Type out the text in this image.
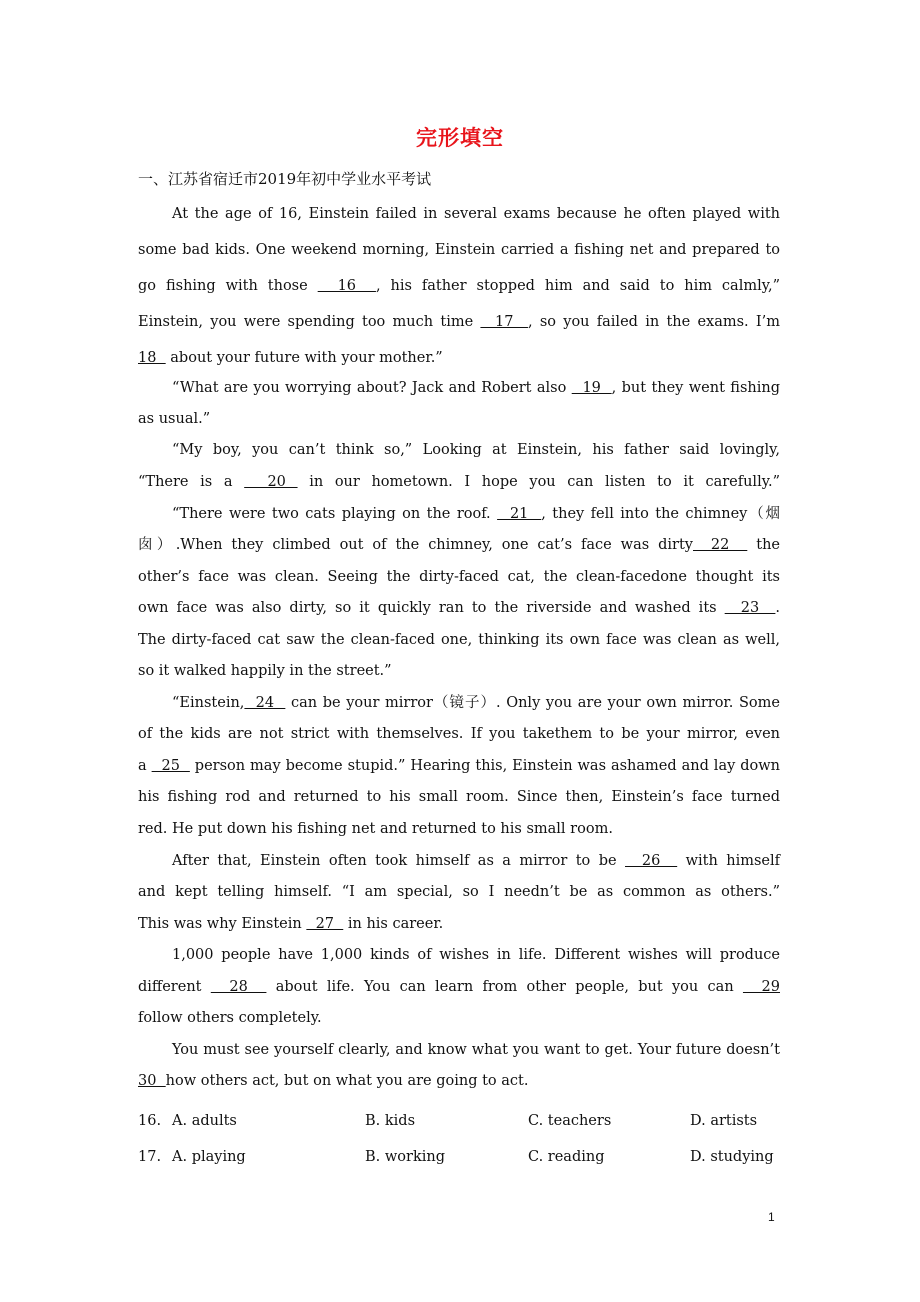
完形填空
一、江苏省宿迁市2019年初中学业水平考试
At the age of 16, Einstein failed in several exams because he often played with
some bad kids. One weekend morning, Einstein carried a fishing net and prepared to
go fishing with those   16  , his father stopped him and said to him calmly,”
Einstein, you were spending too much time   17  , so you failed in the exams. I’m
18   about your future with your mother.”
“What are you worrying about? Jack and Robert also   19  , but they went fishing
as usual.”
“My boy, you can’t think so,” Looking at Einstein, his father said lovingly,
“There is a   20  in our hometown. I hope you can listen to it carefully.”
“There were two cats playing on the roof.   21  , they fell into the chimney（烟
囱）.When they climbed out of the chimney, one cat’s face was dirty  22   the
other’s face was clean. Seeing the dirty-faced cat, the clean-facedone thought its
own face was also dirty, so it quickly ran to the riverside and washed its   23  .
The dirty-faced cat saw the clean-faced one, thinking its own face was clean as well,
so it walked happily in the street.”
“Einstein,  24   can be your mirror（镜子）. Only you are your own mirror. Some
of the kids are not strict with themselves. If you takethem to be your mirror, even
a   25   person may become stupid.” Hearing this, Einstein was ashamed and lay down
his fishing rod and returned to his small room. Since then, Einstein’s face turned
red. He put down his fishing net and returned to his small room.
After that, Einstein often took himself as a mirror to be   26   with himself
and kept telling himself. “I am special, so I needn’t be as common as others.”
This was why Einstein   27   in his career.
1,000 people have 1,000 kinds of wishes in life. Different wishes will produce
different   28   about life. You can learn from other people, but you can   29
follow others completely.
You must see yourself clearly, and know what you want to get. Your future doesn’t
30  how others act, but on what you are going to act.
16. A. adults	B. kids	C. teachers	D. artists
17. A. playing	B. working	C. reading	D. studying
1
